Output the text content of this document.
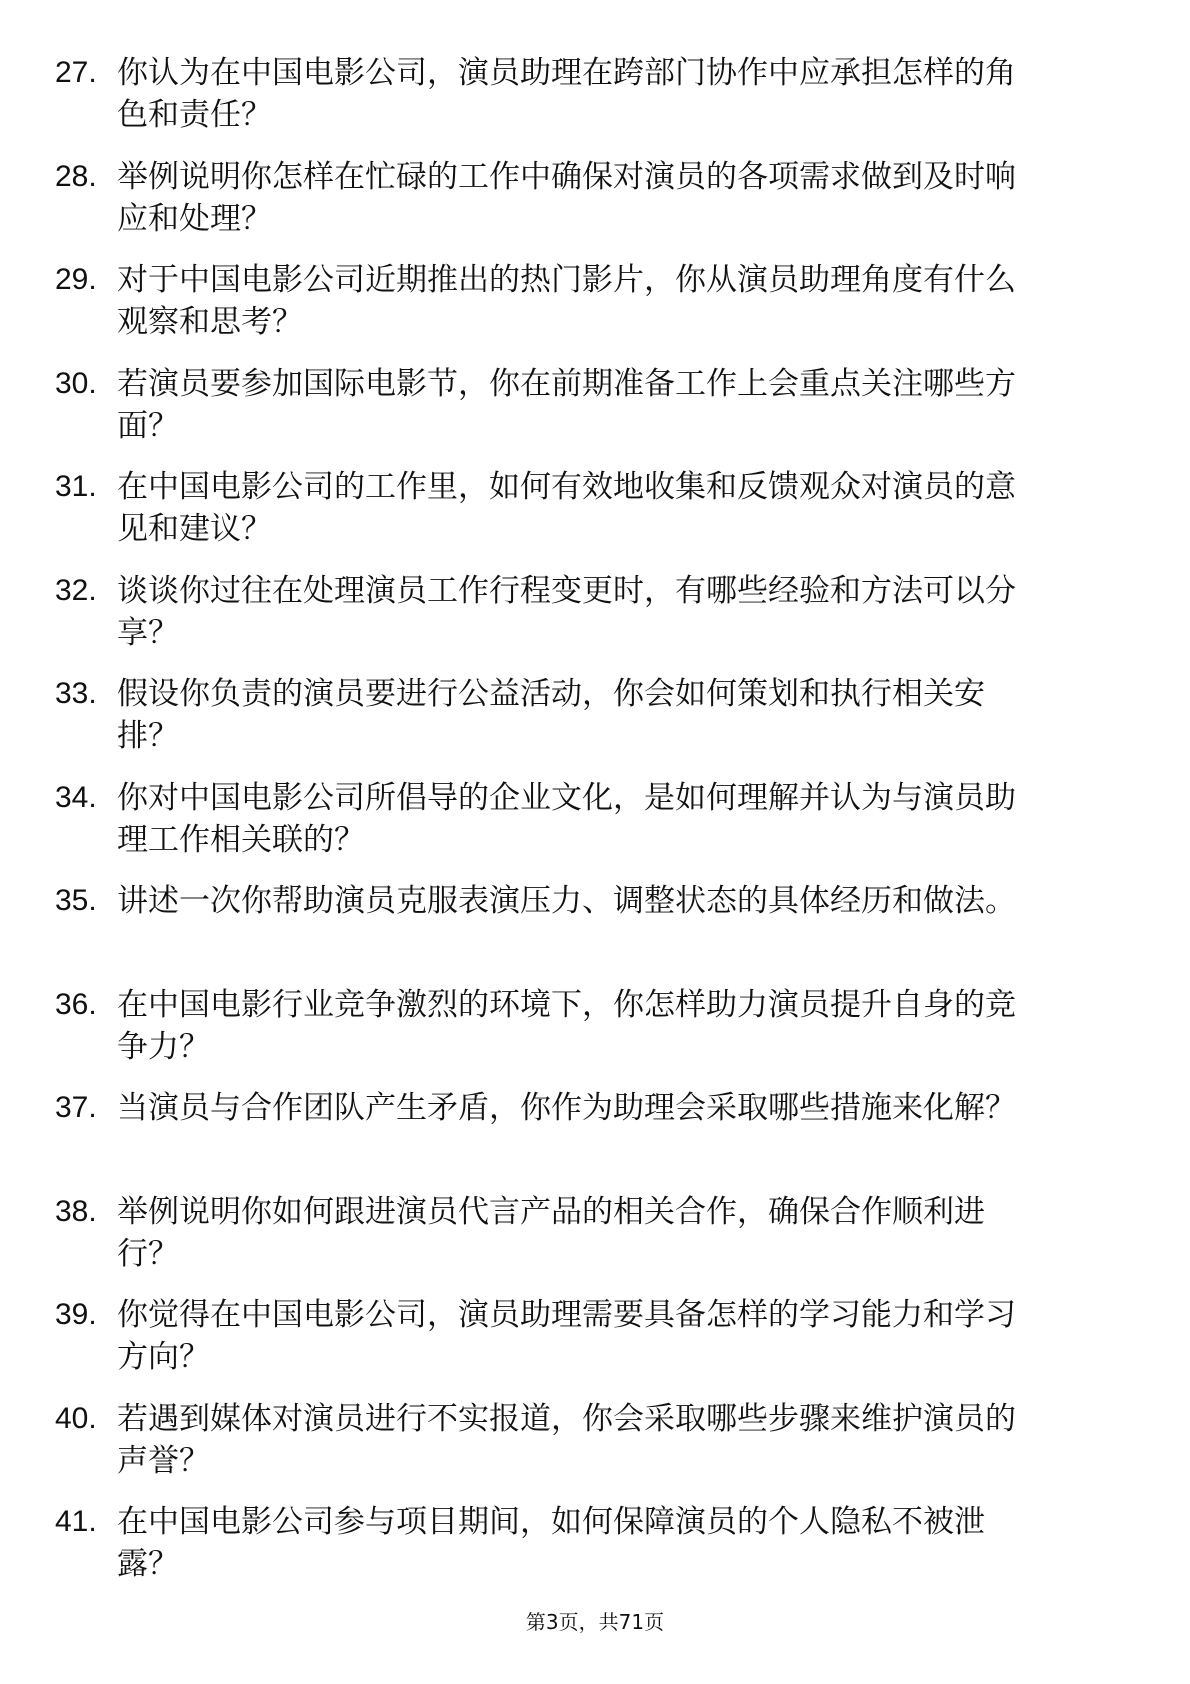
27. 你认为在中国电影公司，演员助理在跨部门协作中应承担怎样的角色和责任？
28. 举例说明你怎样在忙碌的工作中确保对演员的各项需求做到及时响应和处理？
29. 对于中国电影公司近期推出的热门影片，你从演员助理角度有什么观察和思考？
30. 若演员要参加国际电影节，你在前期准备工作上会重点关注哪些方面？
31. 在中国电影公司的工作里，如何有效地收集和反馈观众对演员的意见和建议？
32. 谈谈你过往在处理演员工作行程变更时，有哪些经验和方法可以分享？
33. 假设你负责的演员要进行公益活动，你会如何策划和执行相关安排？
34. 你对中国电影公司所倡导的企业文化，是如何理解并认为与演员助理工作相关联的？
35. 讲述一次你帮助演员克服表演压力、调整状态的具体经历和做法。
36. 在中国电影行业竞争激烈的环境下，你怎样助力演员提升自身的竞争力？
37. 当演员与合作团队产生矛盾，你作为助理会采取哪些措施来化解？
38. 举例说明你如何跟进演员代言产品的相关合作，确保合作顺利进行？
39. 你觉得在中国电影公司，演员助理需要具备怎样的学习能力和学习方向？
40. 若遇到媒体对演员进行不实报道，你会采取哪些步骤来维护演员的声誉？
41. 在中国电影公司参与项目期间，如何保障演员的个人隐私不被泄露？
第3页，共71页
